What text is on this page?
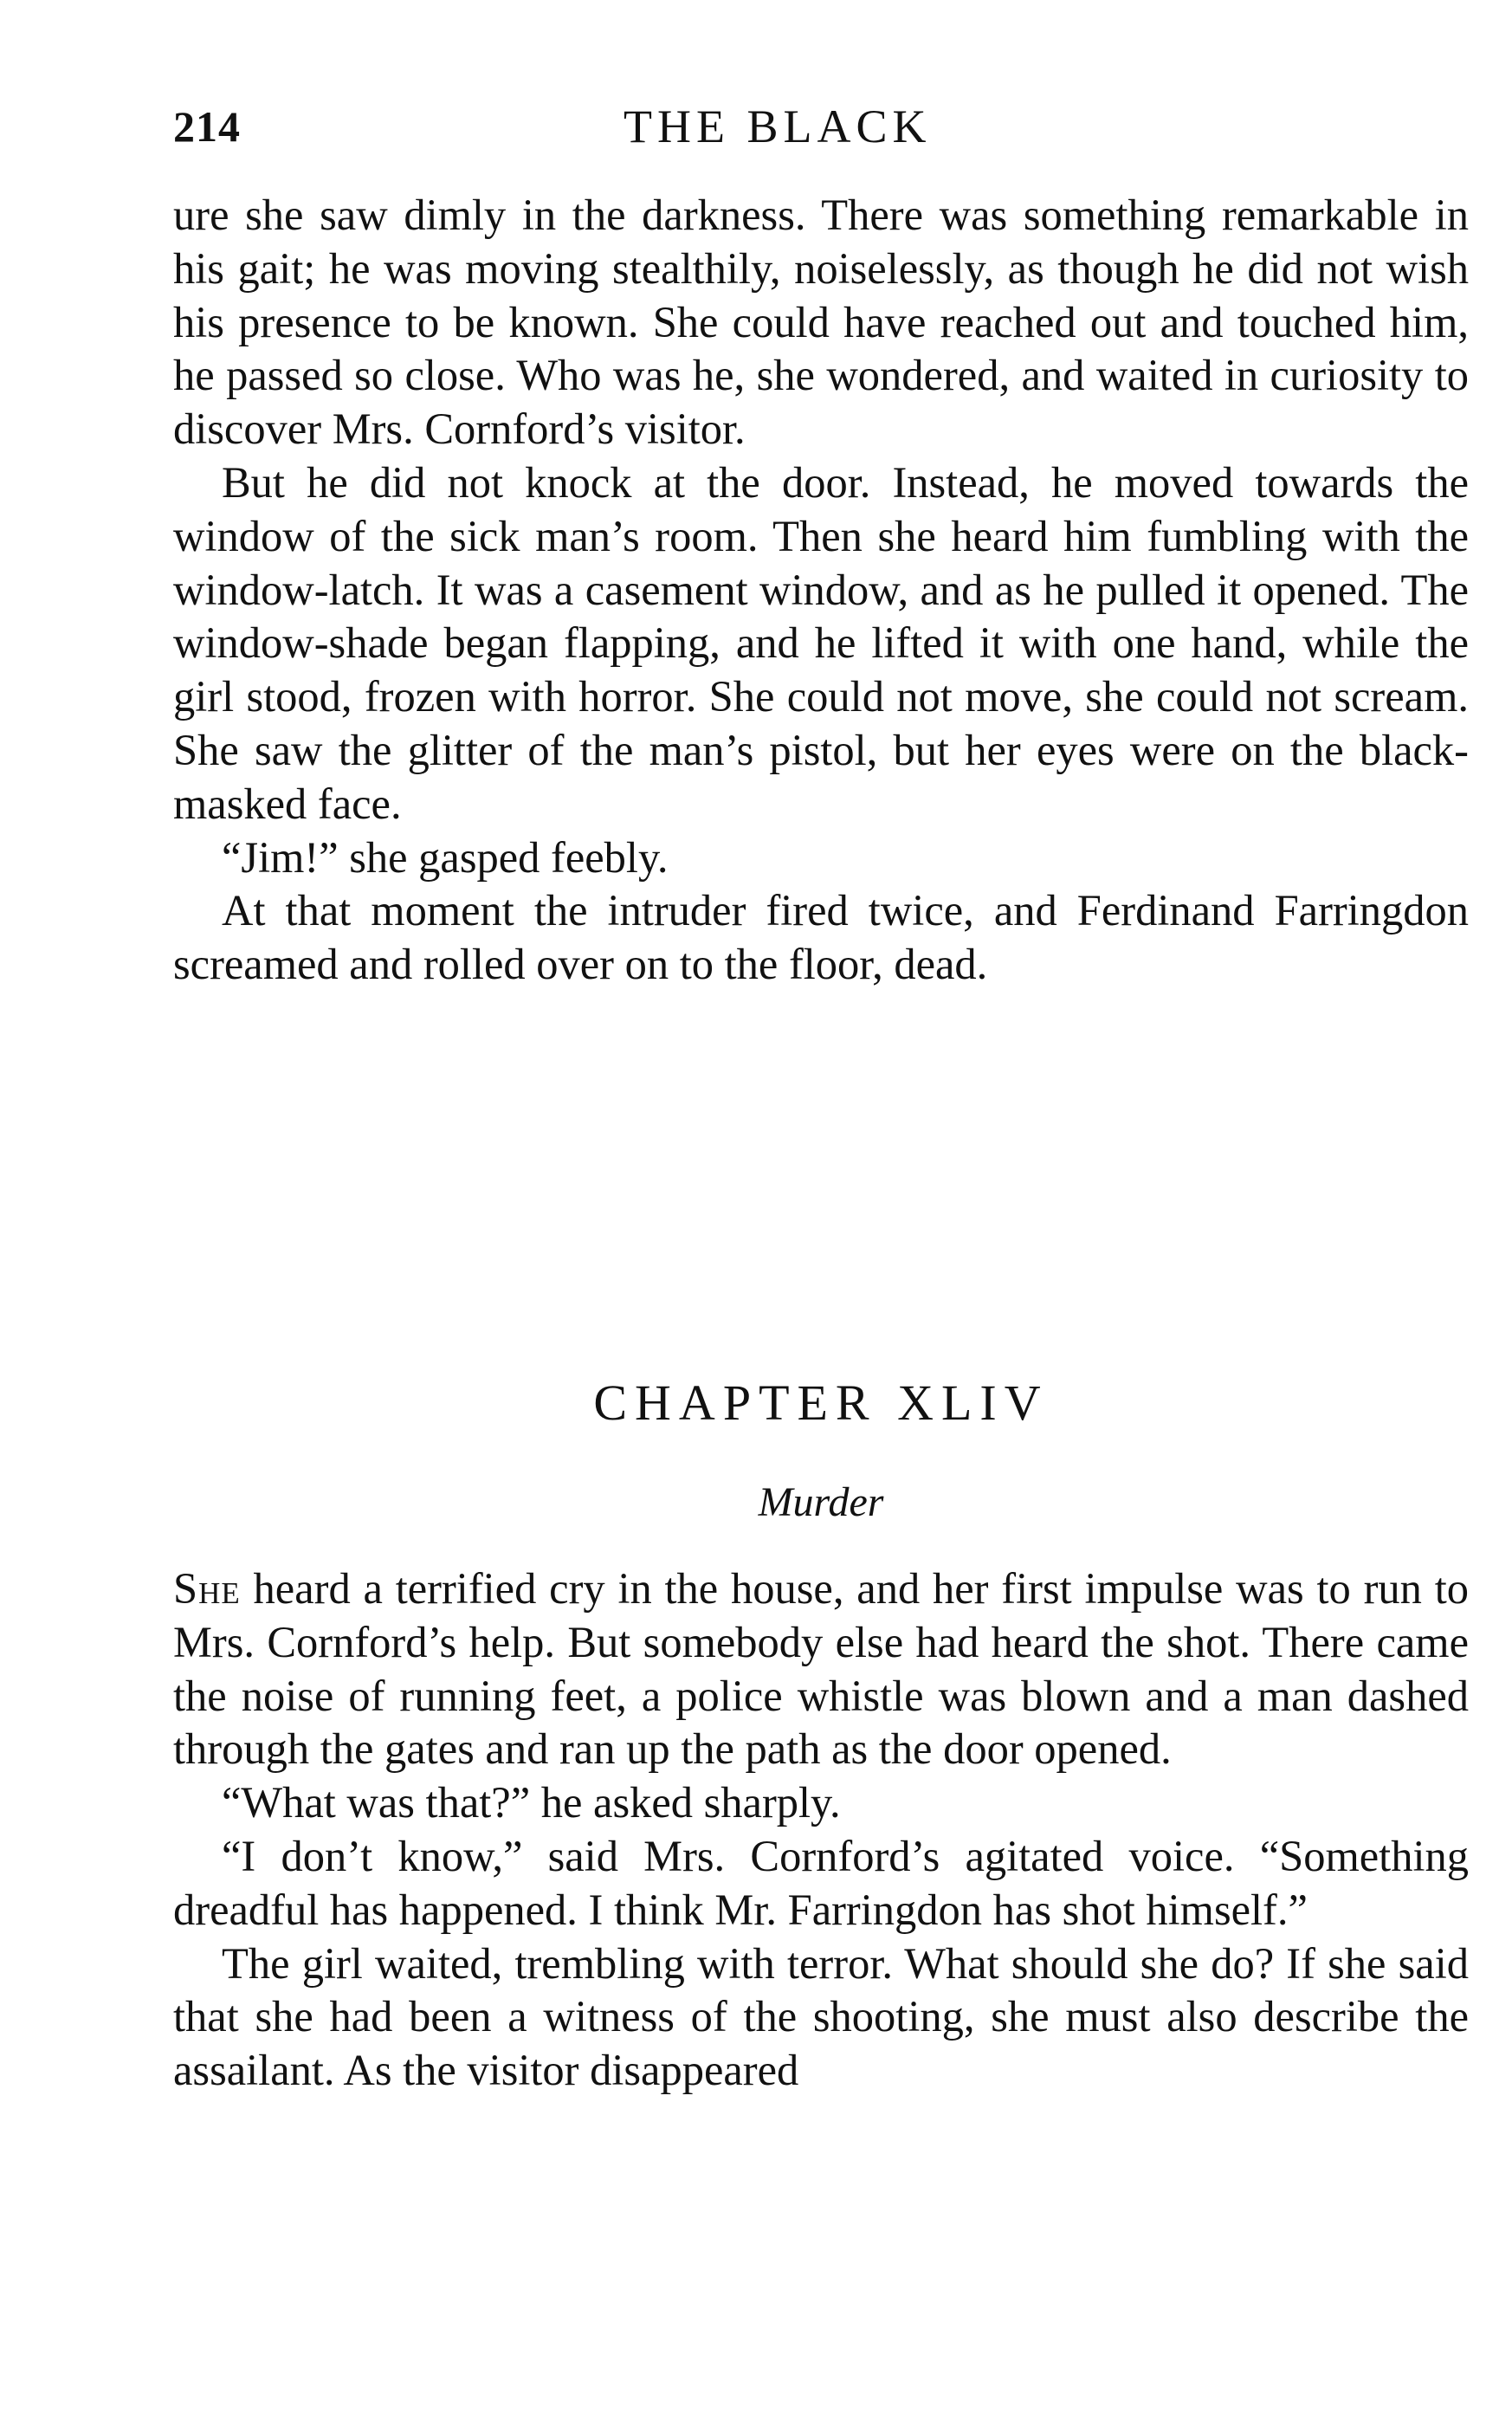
214	THE BLACK

ure she saw dimly in the darkness. There was something remarkable in his gait; he was moving stealthily, noiselessly, as though he did not wish his presence to be known. She could have reached out and touched him, he passed so close. Who was he, she wondered, and waited in curiosity to discover Mrs. Cornford’s visitor.

But he did not knock at the door. Instead, he moved towards the window of the sick man’s room. Then she heard him fumbling with the window-latch. It was a casement window, and as he pulled it opened. The window-shade began flapping, and he lifted it with one hand, while the girl stood, frozen with horror. She could not move, she could not scream. She saw the glitter of the man’s pistol, but her eyes were on the black-masked face.

“Jim!” she gasped feebly.

At that moment the intruder fired twice, and Ferdinand Farringdon screamed and rolled over on to the floor, dead.

CHAPTER XLIV
Murder

She heard a terrified cry in the house, and her first impulse was to run to Mrs. Cornford’s help. But somebody else had heard the shot. There came the noise of running feet, a police whistle was blown and a man dashed through the gates and ran up the path as the door opened.

“What was that?” he asked sharply.

“I don’t know,” said Mrs. Cornford’s agitated voice. “Something dreadful has happened. I think Mr. Farringdon has shot himself.”

The girl waited, trembling with terror. What should she do? If she said that she had been a witness of the shooting, she must also describe the assailant. As the visitor disappeared
